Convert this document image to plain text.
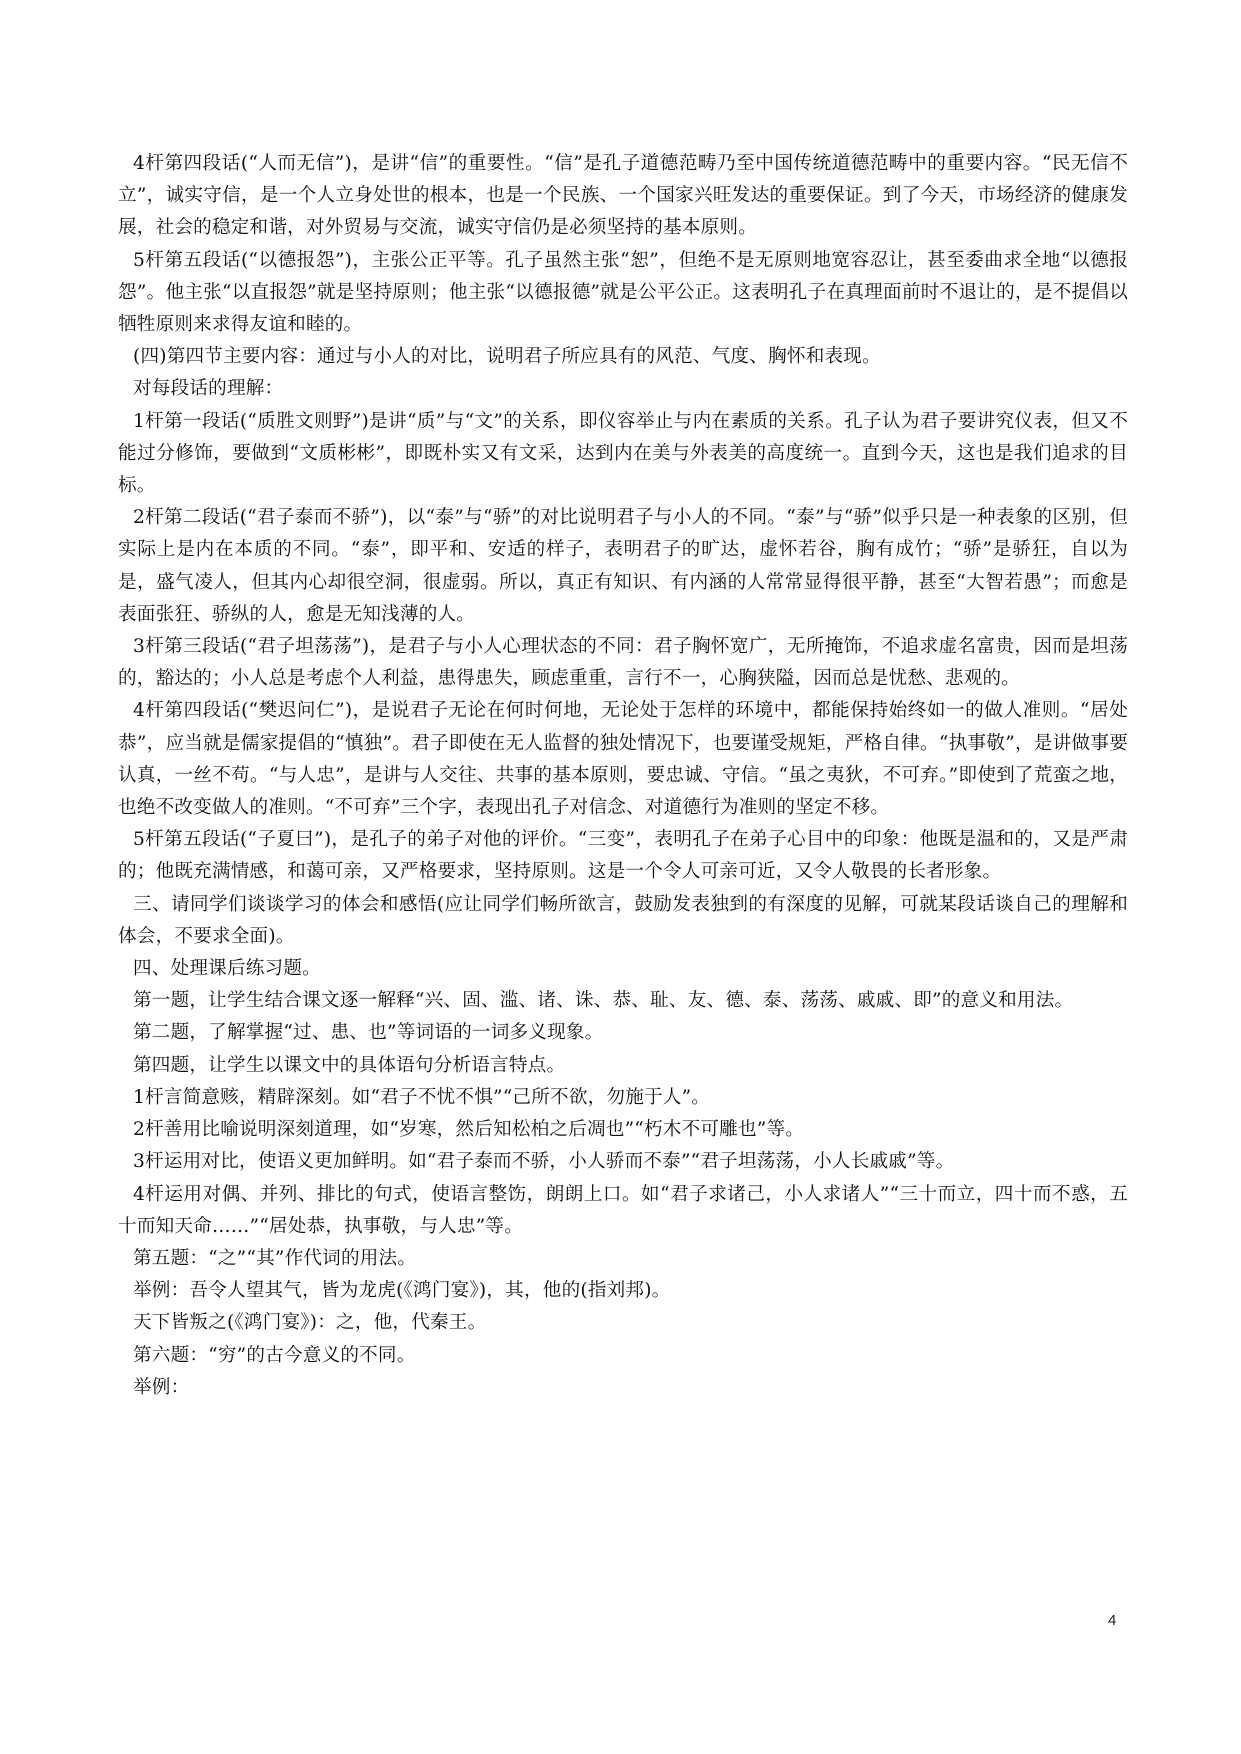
4杆第四段话(“人而无信”)，是讲“信”的重要性。“信”是孔子道德范畴乃至中国传统道德范畴中的重要内容。“民无信不立”，诚实守信，是一个人立身处世的根本，也是一个民族、一个国家兴旺发达的重要保证。到了今天，市场经济的健康发展，社会的稳定和谐，对外贸易与交流，诚实守信仍是必须坚持的基本原则。

5杆第五段话(“以德报怨”)，主张公正平等。孔子虽然主张“恕”，但绝不是无原则地宽容忍让，甚至委曲求全地“以德报怨”。他主张“以直报怨”就是坚持原则；他主张“以德报德”就是公平公正。这表明孔子在真理面前时不退让的，是不提倡以牺牲原则来求得友谊和睦的。

(四)第四节主要内容：通过与小人的对比，说明君子所应具有的风范、气度、胸怀和表现。

对每段话的理解：

1杆第一段话(“质胜文则野”)是讲“质”与“文”的关系，即仪容举止与内在素质的关系。孔子认为君子要讲究仪表，但又不能过分修饰，要做到“文质彬彬”，即既朴实又有文采，达到内在美与外表美的高度统一。直到今天，这也是我们追求的目标。

2杆第二段话(“君子泰而不骄”)，以“泰”与“骄”的对比说明君子与小人的不同。“泰”与“骄”似乎只是一种表象的区别，但实际上是内在本质的不同。“泰”，即平和、安适的样子，表明君子的旷达，虚怀若谷，胸有成竹；“骄”是骄狂，自以为是，盛气凌人，但其内心却很空洞，很虚弱。所以，真正有知识、有内涵的人常常显得很平静，甚至“大智若愚”；而愈是表面张狂、骄纵的人，愈是无知浅薄的人。

3杆第三段话(“君子坦荡荡”)，是君子与小人心理状态的不同：君子胸怀宽广，无所掩饰，不追求虚名富贵，因而是坦荡的，豁达的；小人总是考虑个人利益，患得患失，顾虑重重，言行不一，心胸狭隘，因而总是忧愁、悲观的。

4杆第四段话(“樊迟问仁”)，是说君子无论在何时何地，无论处于怎样的环境中，都能保持始终如一的做人准则。“居处恭”，应当就是儒家提倡的“慎独”。君子即使在无人监督的独处情况下，也要谨受规矩，严格自律。“执事敬”，是讲做事要认真，一丝不苟。“与人忠”，是讲与人交往、共事的基本原则，要忠诚、守信。“虽之夷狄，不可弃。”即使到了荒蛮之地，也绝不改变做人的准则。“不可弃”三个字，表现出孔子对信念、对道德行为准则的坚定不移。

5杆第五段话(“子夏曰”)，是孔子的弟子对他的评价。“三变”，表明孔子在弟子心目中的印象：他既是温和的，又是严肃的；他既充满情感，和蔼可亲，又严格要求，坚持原则。这是一个令人可亲可近，又令人敬畏的长者形象。

三、请同学们谈谈学习的体会和感悟(应让同学们畅所欲言，鼓励发表独到的有深度的见解，可就某段话谈自己的理解和体会，不要求全面)。

四、处理课后练习题。

第一题，让学生结合课文逐一解释“兴、固、滥、诸、诛、恭、耻、友、德、泰、荡荡、戚戚、即”的意义和用法。

第二题，了解掌握“过、患、也”等词语的一词多义现象。

第四题，让学生以课文中的具体语句分析语言特点。

1杆言简意赅，精辟深刻。如“君子不忧不惧”“己所不欲，勿施于人”。

2杆善用比喻说明深刻道理，如“岁寒，然后知松柏之后凋也”“朽木不可雕也”等。

3杆运用对比，使语义更加鲜明。如“君子泰而不骄，小人骄而不泰”“君子坦荡荡，小人长戚戚”等。

4杆运用对偶、并列、排比的句式，使语言整饬，朗朗上口。如“君子求诸己，小人求诸人”“三十而立，四十而不惑，五十而知天命……”“居处恭，执事敬，与人忠”等。

第五题：“之”“其”作代词的用法。

举例：吾令人望其气，皆为龙虎(《鸿门宴》)，其，他的(指刘邦)。

天下皆叛之(《鸿门宴》)：之，他，代秦王。

第六题：“穷”的古今意义的不同。

举例：

4
